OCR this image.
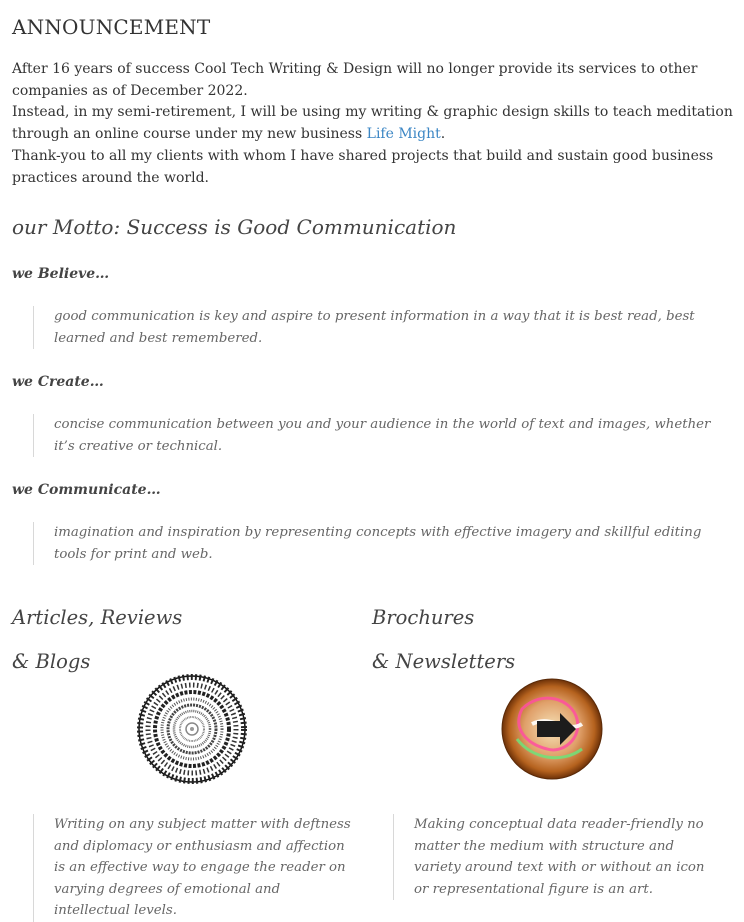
ANNOUNCEMENT

After 16 years of success Cool Tech Writing & Design will no longer provide its services to other companies as of December 2022.

Instead, in my semi-retirement, I will be using my writing & graphic design skills to teach meditation through an online course under my new business Life Might.

Thank-you to all my clients with whom I have shared projects that build and sustain good business practices around the world.

our Motto: Success is Good Communication
we Believe…
good communication is key and aspire to present information in a way that it is best read, best learned and best remembered.
we Create…
concise communication between you and your audience in the world of text and images, whether it’s creative or technical.
we Communicate…
imagination and inspiration by representing concepts with effective imagery and skillful editing tools for print and web.
Articles, Reviews
& Blogs
Writing on any subject matter with deftness and diplomacy or enthusiasm and affection is an effective way to engage the reader on varying degrees of emotional and intellectual levels.
Brochures
& Newsletters
Making conceptual data reader-friendly no matter the medium with structure and variety around text with or without an icon or representational figure is an art.
